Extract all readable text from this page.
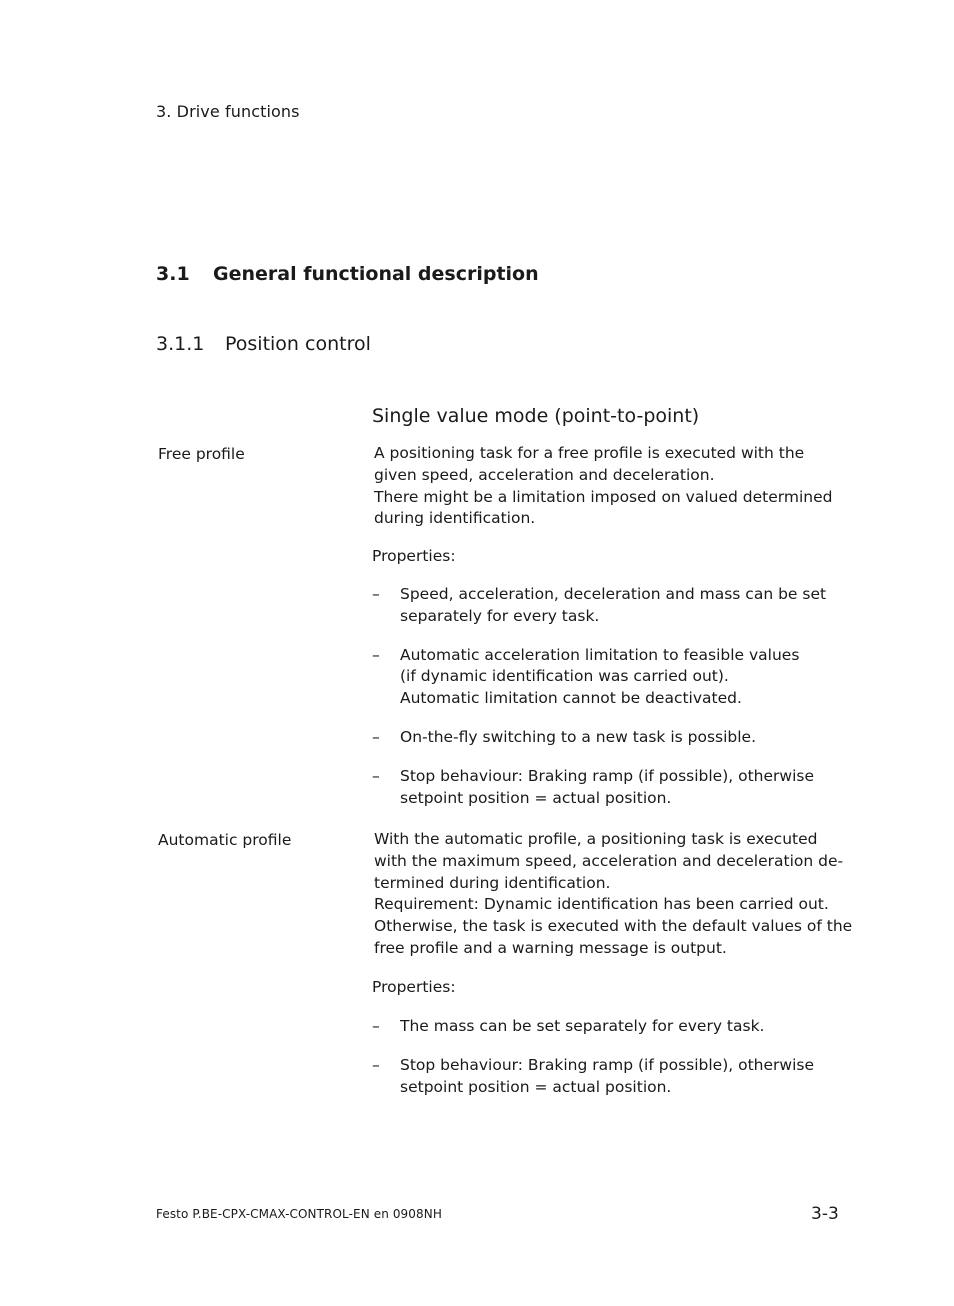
3. Drive functions
3.1 General functional description
3.1.1 Position control
Single value mode (point-to-point)
Free profile	A positioning task for a free profile is executed with the
given speed, acceleration and deceleration.
There might be a limitation imposed on valued determined
during identification.
Properties:
– Speed, acceleration, deceleration and mass can be set
separately for every task.
– Automatic acceleration limitation to feasible values
(if dynamic identification was carried out).
Automatic limitation cannot be deactivated.
– On-the-fly switching to a new task is possible.
– Stop behaviour: Braking ramp (if possible), otherwise
setpoint position = actual position.
Automatic profile	With the automatic profile, a positioning task is executed
with the maximum speed, acceleration and deceleration de-
termined during identification.
Requirement: Dynamic identification has been carried out.
Otherwise, the task is executed with the default values of the
free profile and a warning message is output.
Properties:
– The mass can be set separately for every task.
– Stop behaviour: Braking ramp (if possible), otherwise
setpoint position = actual position.
Festo P.BE-CPX-CMAX-CONTROL-EN en 0908NH	3-3
